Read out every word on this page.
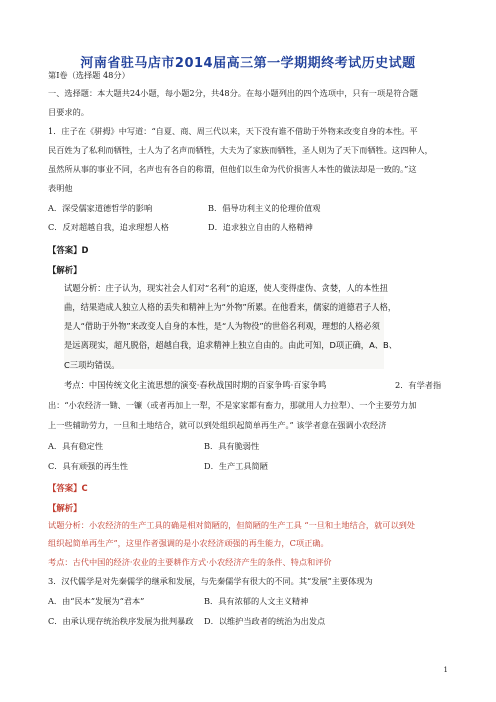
河南省驻马店市2014届高三第一学期期终考试历史试题
第Ⅰ卷（选择题 48分）
一、选择题：本大题共24小题，每小题2分，共48分。在每小题列出的四个选项中，只有一项是符合题
目要求的。
1．庄子在《骈拇》中写道：“自夏、商、周三代以来，天下没有谁不借助于外物来改变自身的本性。平
民百姓为了私利而牺牲，士人为了名声而牺牲，大夫为了家族而牺牲，圣人则为了天下而牺牲。这四种人，
虽然所从事的事业不同，名声也有各自的称谓，但他们以生命为代价损害人本性的做法却是一致的。”这
表明他
A．深受儒家道德哲学的影响	B．倡导功利主义的伦理价值观
C．反对超越自我，追求理想人格	D．追求独立自由的人格精神
【答案】D
【解析】
试题分析：庄子认为，现实社会人们对“名利”的追逐，使人变得虚伪、贪婪，人的本性扭
曲，结果造成人独立人格的丢失和精神上为“外物”所累。在他看来，儒家的道德君子人格，
是人“借助于外物”来改变人自身的本性，是“人为物役”的世俗名利观，理想的人格必须
是远离现实，超凡脱俗，超越自我，追求精神上独立自由的。由此可知，D项正确，A、B、
C三项均错误。
考点：中国传统文化主流思想的演变·春秋战国时期的百家争鸣·百家争鸣	2．有学者指
出：“小农经济一锄、一镰（或者再加上一犁，不是家家都有畜力，那就用人力拉犁）、一个主要劳力加
上一些辅助劳力，一旦和土地结合，就可以到处组织起简单再生产。” 该学者意在强调小农经济
A．具有稳定性	B．具有脆弱性
C．具有顽强的再生性	D．生产工具简陋
【答案】C
【解析】
试题分析：小农经济的生产工具的确是相对简陋的，但简陋的生产工具 “一旦和土地结合，就可以到处
组织起简单再生产”，这里作者强调的是小农经济顽强的再生能力，C项正确。
考点：古代中国的经济·农业的主要耕作方式·小农经济产生的条件、特点和评价
3．汉代儒学是对先秦儒学的继承和发展，与先秦儒学有很大的不同。其“发展”主要体现为
A．由“民本”发展为“君本”	B．具有浓郁的人文主义精神
C．由承认现存统治秩序发展为批判暴政 D．以维护当政者的统治为出发点
1
